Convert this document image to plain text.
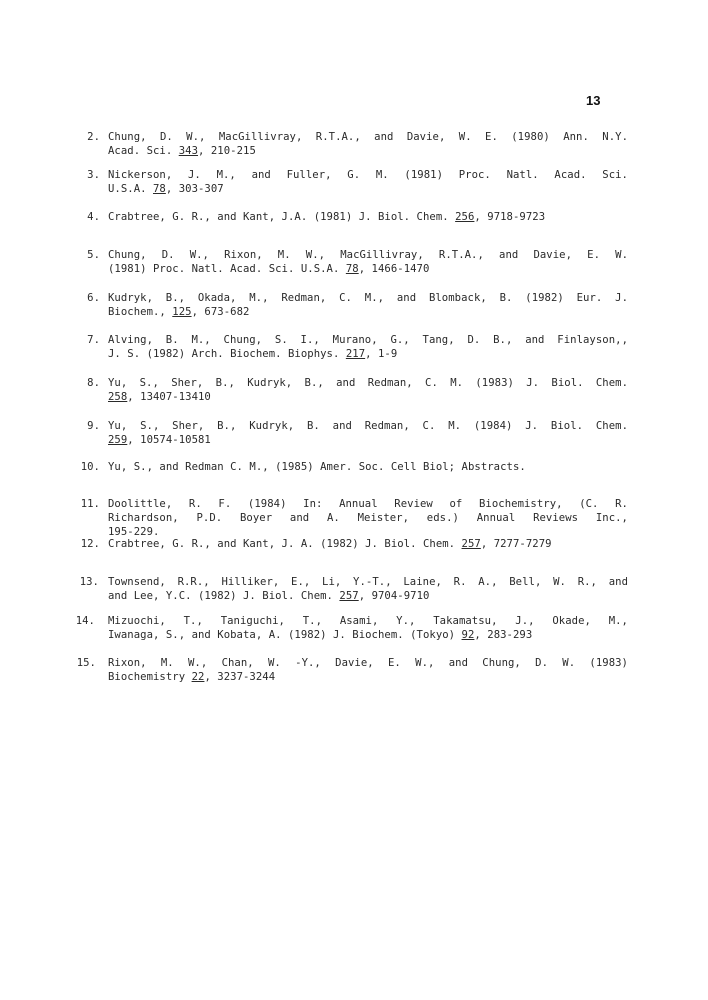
13
2. Chung, D. W., MacGillivray, R.T.A., and Davie, W. E. (1980) Ann. N.Y.
Acad. Sci. 343, 210-215
3. Nickerson, J. M., and Fuller, G. M. (1981) Proc. Natl. Acad. Sci.
U.S.A. 78, 303-307
4. Crabtree, G. R., and Kant, J.A. (1981) J. Biol. Chem. 256, 9718-9723
5. Chung, D. W., Rixon, M. W., MacGillivray, R.T.A., and Davie, E. W.
(1981) Proc. Natl. Acad. Sci. U.S.A. 78, 1466-1470
6. Kudryk, B., Okada, M., Redman, C. M., and Blomback, B. (1982) Eur. J.
Biochem., 125, 673-682
7. Alving, B. M., Chung, S. I., Murano, G., Tang, D. B., and Finlayson,,
J. S. (1982) Arch. Biochem. Biophys. 217, 1-9
8. Yu, S., Sher, B., Kudryk, B., and Redman, C. M. (1983) J. Biol. Chem.
258, 13407-13410
9. Yu, S., Sher, B., Kudryk, B. and Redman, C. M. (1984) J. Biol. Chem.
259, 10574-10581
10. Yu, S., and Redman C. M., (1985) Amer. Soc. Cell Biol; Abstracts.
11. Doolittle, R. F. (1984) In: Annual Review of Biochemistry, (C. R.
Richardson, P.D. Boyer and A. Meister, eds.) Annual Reviews Inc.,
195-229.
12. Crabtree, G. R., and Kant, J. A. (1982) J. Biol. Chem. 257, 7277-7279
13. Townsend, R.R., Hilliker, E., Li, Y.-T., Laine, R. A., Bell, W. R., and
and Lee, Y.C. (1982) J. Biol. Chem. 257, 9704-9710
14. Mizuochi, T., Taniguchi, T., Asami, Y., Takamatsu, J., Okade, M.,
Iwanaga, S., and Kobata, A. (1982) J. Biochem. (Tokyo) 92, 283-293
15. Rixon, M. W., Chan, W. -Y., Davie, E. W., and Chung, D. W. (1983)
Biochemistry 22, 3237-3244
